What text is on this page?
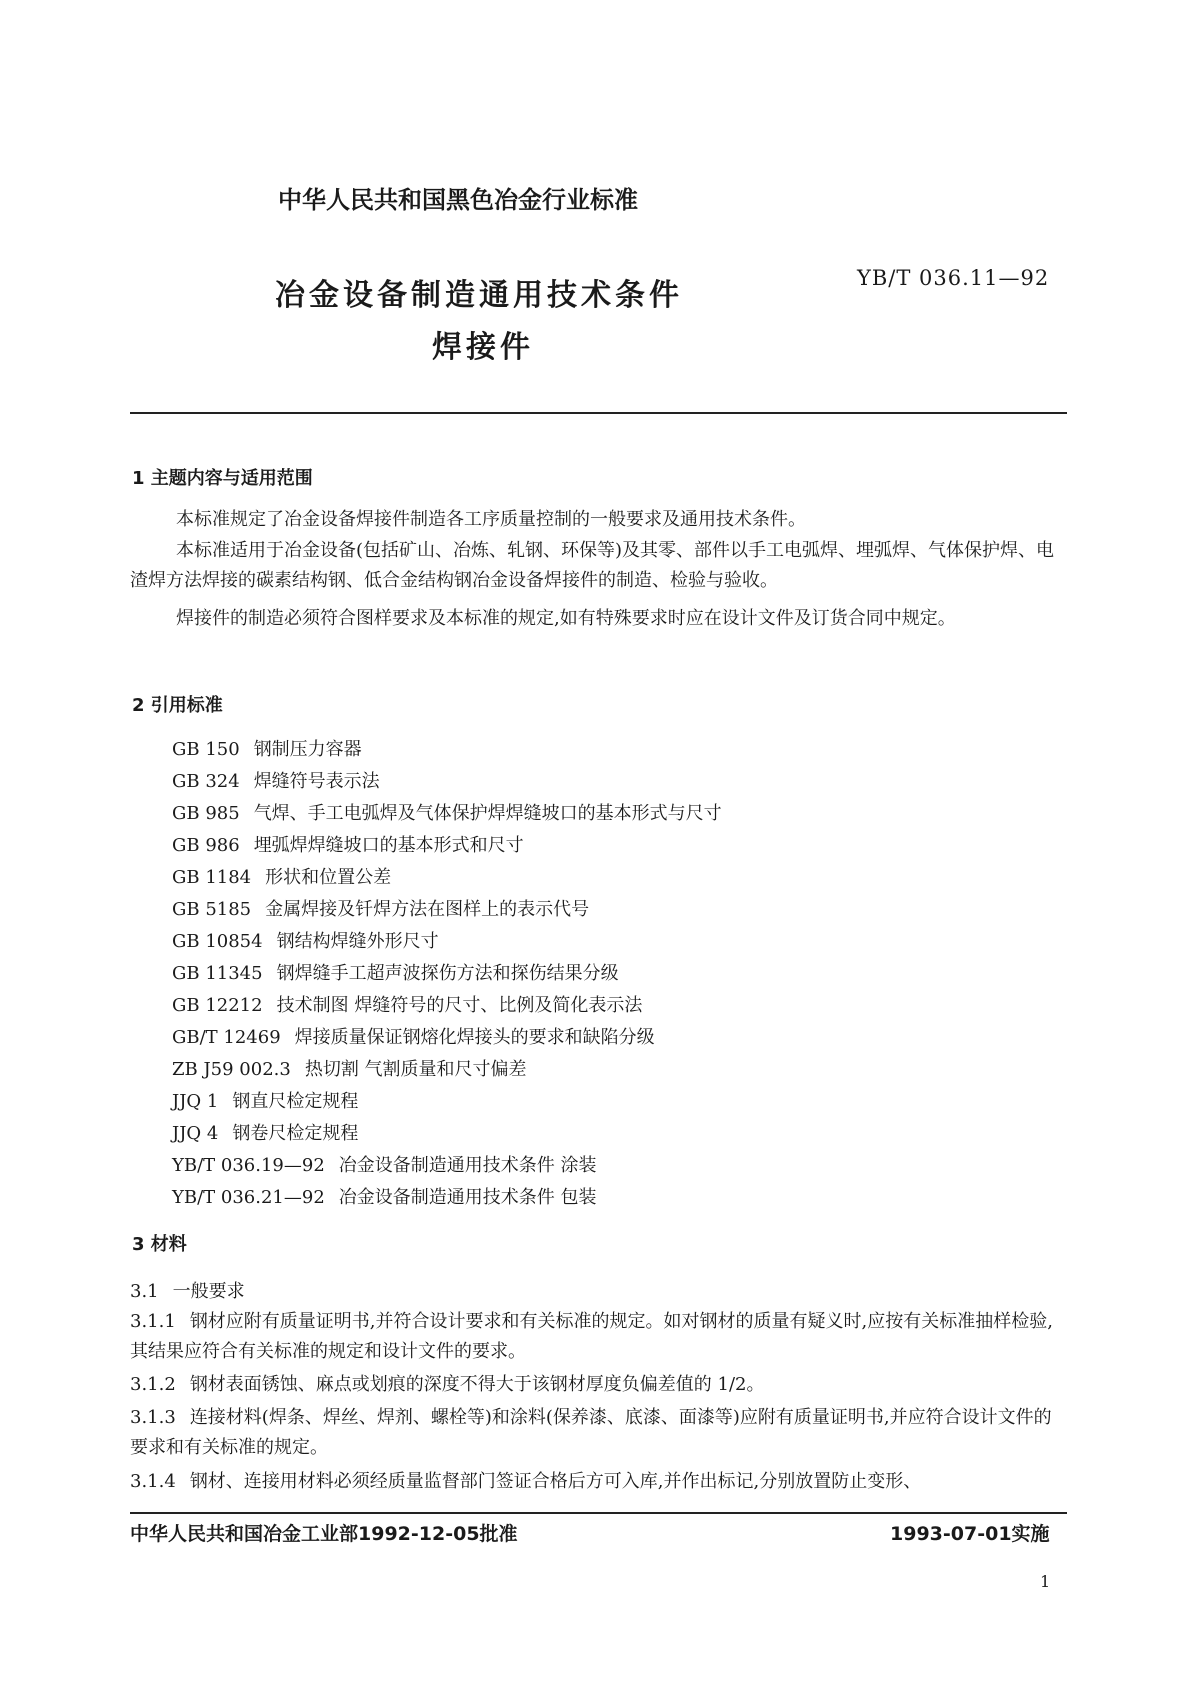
中华人民共和国黑色冶金行业标准
冶金设备制造通用技术条件
焊接件
YB/T 036.11—92
1 主题内容与适用范围
本标准规定了冶金设备焊接件制造各工序质量控制的一般要求及通用技术条件。
本标准适用于冶金设备(包括矿山、冶炼、轧钢、环保等)及其零、部件以手工电弧焊、埋弧焊、气体保护焊、电渣焊方法焊接的碳素结构钢、低合金结构钢冶金设备焊接件的制造、检验与验收。
焊接件的制造必须符合图样要求及本标准的规定,如有特殊要求时应在设计文件及订货合同中规定。
2 引用标准
GB 150 钢制压力容器
GB 324 焊缝符号表示法
GB 985 气焊、手工电弧焊及气体保护焊焊缝坡口的基本形式与尺寸
GB 986 埋弧焊焊缝坡口的基本形式和尺寸
GB 1184 形状和位置公差
GB 5185 金属焊接及钎焊方法在图样上的表示代号
GB 10854 钢结构焊缝外形尺寸
GB 11345 钢焊缝手工超声波探伤方法和探伤结果分级
GB 12212 技术制图 焊缝符号的尺寸、比例及简化表示法
GB/T 12469 焊接质量保证钢熔化焊接头的要求和缺陷分级
ZB J59 002.3 热切割 气割质量和尺寸偏差
JJQ 1 钢直尺检定规程
JJQ 4 钢卷尺检定规程
YB/T 036.19—92 冶金设备制造通用技术条件 涂装
YB/T 036.21—92 冶金设备制造通用技术条件 包装
3 材料
3.1 一般要求
3.1.1 钢材应附有质量证明书,并符合设计要求和有关标准的规定。如对钢材的质量有疑义时,应按有关标准抽样检验,其结果应符合有关标准的规定和设计文件的要求。
3.1.2 钢材表面锈蚀、麻点或划痕的深度不得大于该钢材厚度负偏差值的 1/2。
3.1.3 连接材料(焊条、焊丝、焊剂、螺栓等)和涂料(保养漆、底漆、面漆等)应附有质量证明书,并应符合设计文件的要求和有关标准的规定。
3.1.4 钢材、连接用材料必须经质量监督部门签证合格后方可入库,并作出标记,分别放置防止变形、
中华人民共和国冶金工业部1992-12-05批准	1993-07-01实施
1
